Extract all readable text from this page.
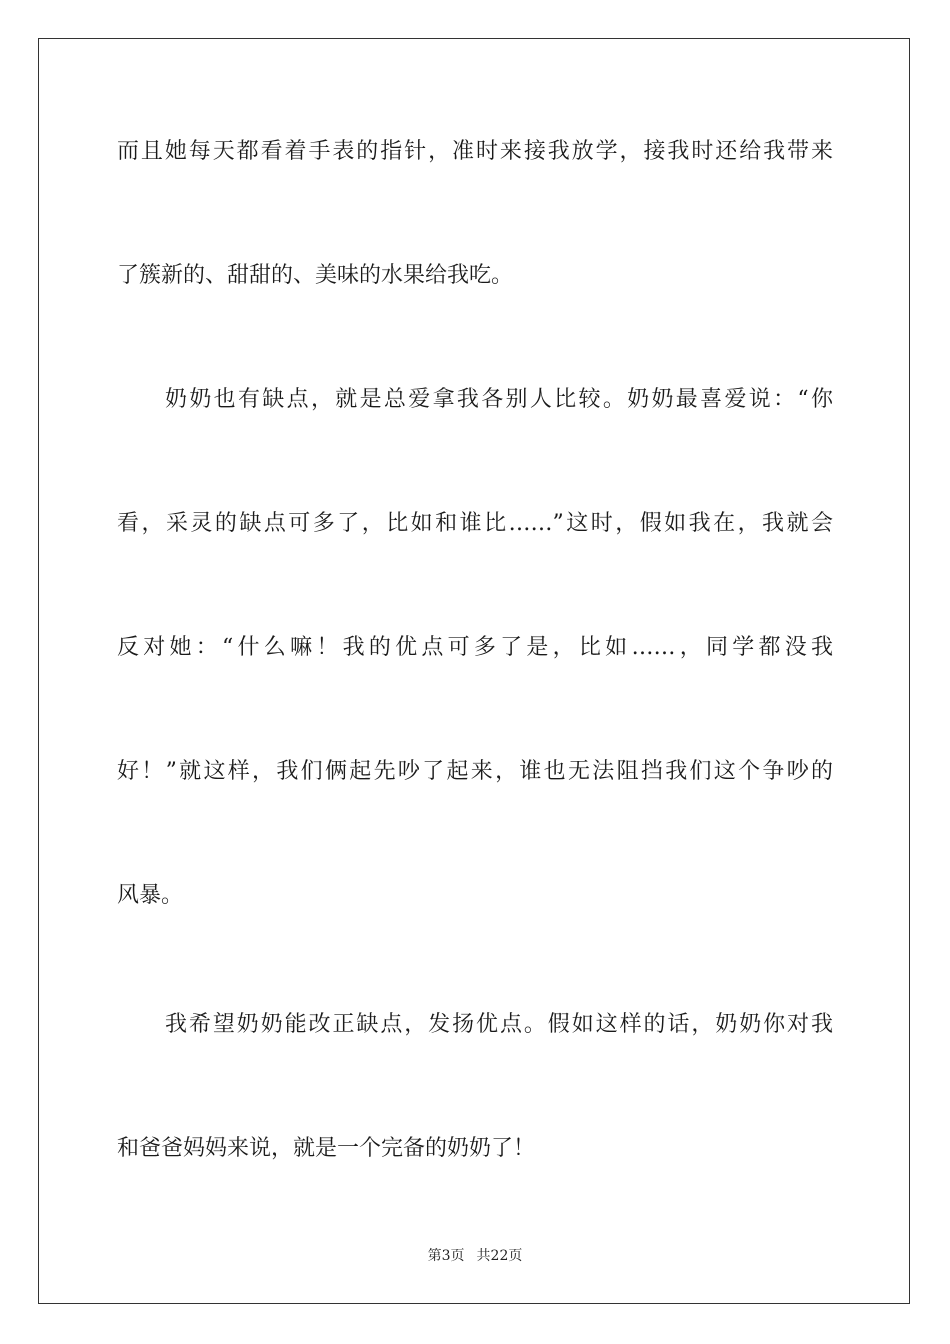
而且她每天都看着手表的指针，准时来接我放学，接我时还给我带来
了簇新的、甜甜的、美味的水果给我吃。
奶奶也有缺点，就是总爱拿我各别人比较。奶奶最喜爱说：“你
看，采灵的缺点可多了，比如和谁比……”这时，假如我在，我就会
反对她：“什么嘛！我的优点可多了是，比如……，同学都没我
好！”就这样，我们俩起先吵了起来，谁也无法阻挡我们这个争吵的
风暴。
我希望奶奶能改正缺点，发扬优点。假如这样的话，奶奶你对我
和爸爸妈妈来说，就是一个完备的奶奶了！
第3页 共22页
